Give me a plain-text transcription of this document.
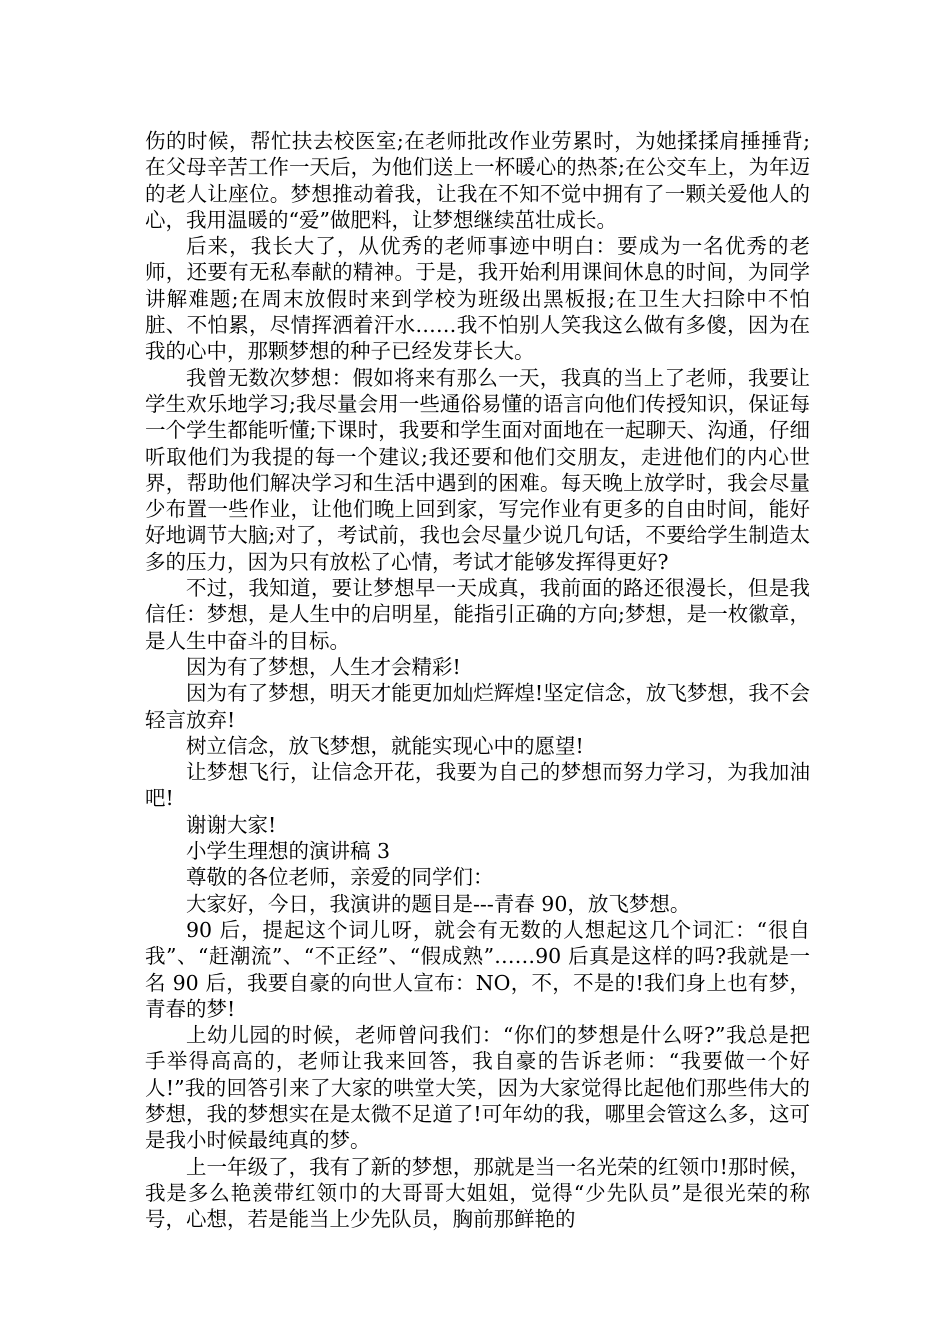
伤的时候，帮忙扶去校医室;在老师批改作业劳累时，为她揉揉肩捶捶背;在父母辛苦工作一天后，为他们送上一杯暖心的热茶;在公交车上，为年迈的老人让座位。梦想推动着我，让我在不知不觉中拥有了一颗关爱他人的心，我用温暖的“爱”做肥料，让梦想继续茁壮成长。

后来，我长大了，从优秀的老师事迹中明白：要成为一名优秀的老师，还要有无私奉献的精神。于是，我开始利用课间休息的时间，为同学讲解难题;在周末放假时来到学校为班级出黑板报;在卫生大扫除中不怕脏、不怕累，尽情挥洒着汗水……我不怕别人笑我这么做有多傻，因为在我的心中，那颗梦想的种子已经发芽长大。

我曾无数次梦想：假如将来有那么一天，我真的当上了老师，我要让学生欢乐地学习;我尽量会用一些通俗易懂的语言向他们传授知识，保证每一个学生都能听懂;下课时，我要和学生面对面地在一起聊天、沟通，仔细听取他们为我提的每一个建议;我还要和他们交朋友，走进他们的内心世界，帮助他们解决学习和生活中遇到的困难。每天晚上放学时，我会尽量少布置一些作业，让他们晚上回到家，写完作业有更多的自由时间，能好好地调节大脑;对了，考试前，我也会尽量少说几句话，不要给学生制造太多的压力，因为只有放松了心情，考试才能够发挥得更好?

不过，我知道，要让梦想早一天成真，我前面的路还很漫长，但是我信任：梦想，是人生中的启明星，能指引正确的方向;梦想，是一枚徽章，是人生中奋斗的目标。

因为有了梦想，人生才会精彩!

因为有了梦想，明天才能更加灿烂辉煌!坚定信念，放飞梦想，我不会轻言放弃!

树立信念，放飞梦想，就能实现心中的愿望!

让梦想飞行，让信念开花，我要为自己的梦想而努力学习，为我加油吧!

谢谢大家!

小学生理想的演讲稿 3

尊敬的各位老师，亲爱的同学们：

大家好，今日，我演讲的题目是---青春 90，放飞梦想。

90 后，提起这个词儿呀，就会有无数的人想起这几个词汇：“很自我”、“赶潮流”、“不正经”、“假成熟”……90 后真是这样的吗?我就是一名 90 后，我要自豪的向世人宣布：NO，不，不是的!我们身上也有梦，青春的梦!

上幼儿园的时候，老师曾问我们：“你们的梦想是什么呀?”我总是把手举得高高的，老师让我来回答，我自豪的告诉老师：“我要做一个好人!”我的回答引来了大家的哄堂大笑，因为大家觉得比起他们那些伟大的梦想，我的梦想实在是太微不足道了!可年幼的我，哪里会管这么多，这可是我小时候最纯真的梦。

上一年级了，我有了新的梦想，那就是当一名光荣的红领巾!那时候，我是多么艳羡带红领巾的大哥哥大姐姐，觉得“少先队员”是很光荣的称号，心想，若是能当上少先队员，胸前那鲜艳的
